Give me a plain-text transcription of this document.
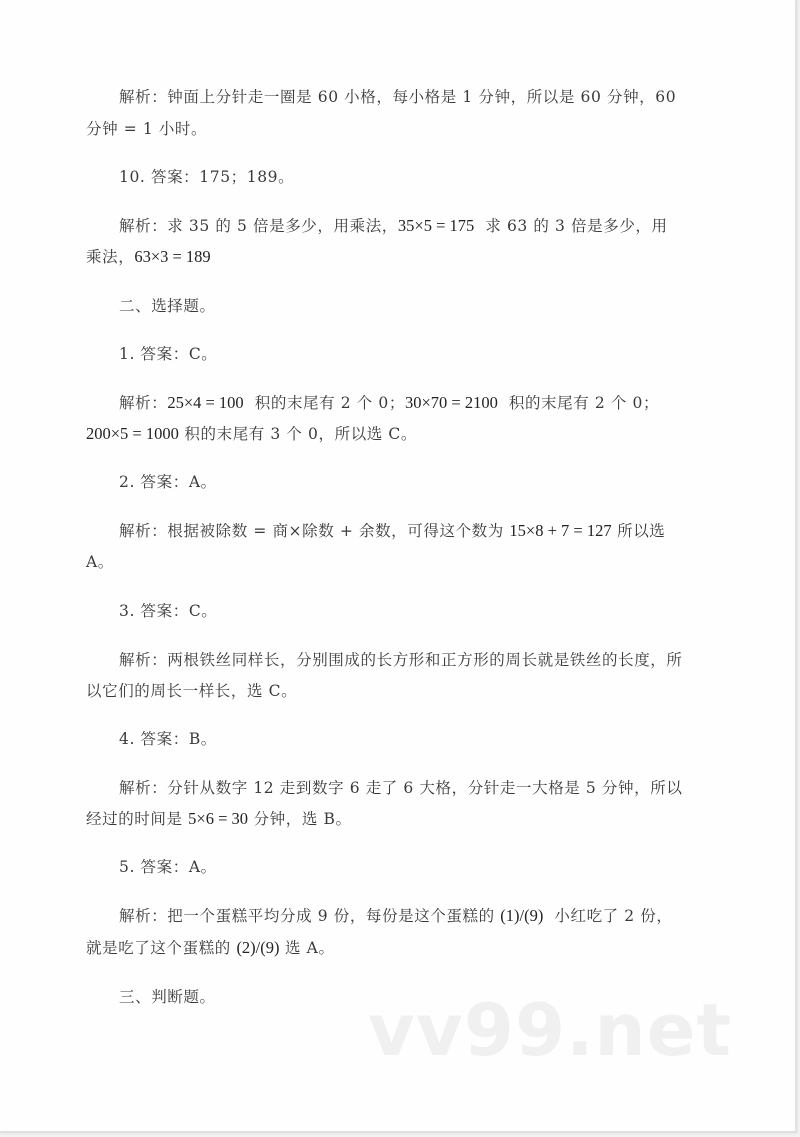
解析：钟面上分针走一圈是 60 小格，每小格是 1 分钟，所以是 60 分钟，60
分钟 = 1 小时。
10. 答案：175；189。
解析：求 35 的 5 倍是多少，用乘法，35×5 = 175  求 63 的 3 倍是多少，用
乘法，63×3 = 189
二、选择题。
1. 答案：C。
解析：25×4 = 100  积的末尾有 2 个 0；30×70 = 2100  积的末尾有 2 个 0；
200×5 = 1000 积的末尾有 3 个 0，所以选 C。
2. 答案：A。
解析：根据被除数 = 商×除数 + 余数，可得这个数为 15×8 + 7 = 127 所以选
A。
3. 答案：C。
解析：两根铁丝同样长，分别围成的长方形和正方形的周长就是铁丝的长度，所
以它们的周长一样长，选 C。
4. 答案：B。
解析：分针从数字 12 走到数字 6 走了 6 大格，分针走一大格是 5 分钟，所以
经过的时间是 5×6 = 30 分钟，选 B。
5. 答案：A。
解析：把一个蛋糕平均分成 9 份，每份是这个蛋糕的 (1)/(9)  小红吃了 2 份，
就是吃了这个蛋糕的 (2)/(9) 选 A。
三、判断题。	vv99.net
